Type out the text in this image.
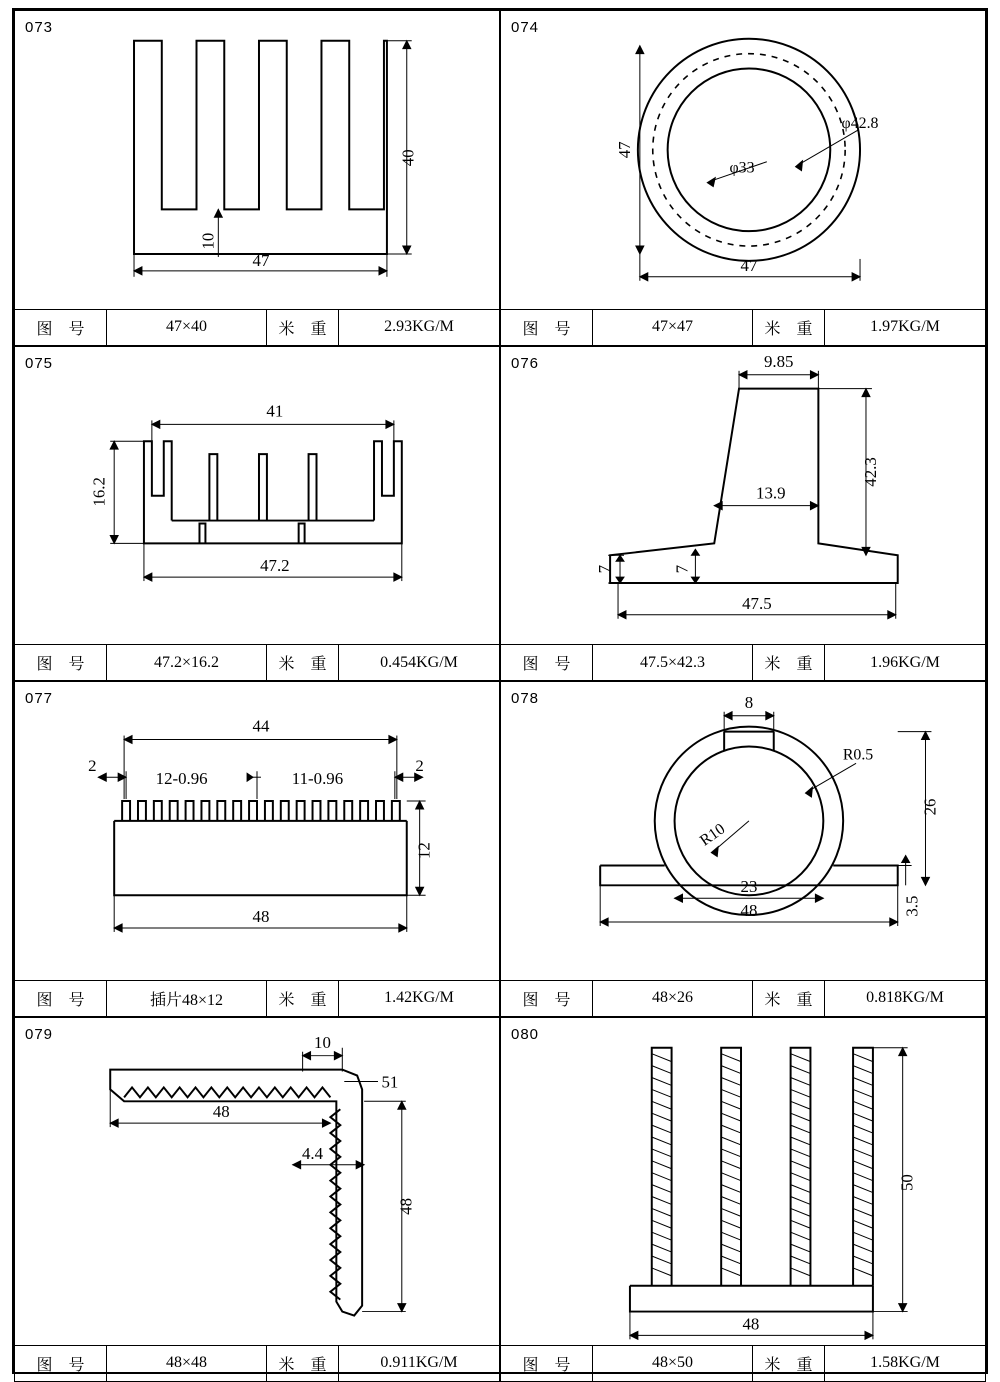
073
40
10
47
图 号	47×40	米 重	2.93KG/M
074
47
47
φ33
φ42.8
图 号	47×47	米 重	1.97KG/M
075
41
16.2
47.2
图 号	47.2×16.2	米 重	0.454KG/M
076	9.85
42.3
13.9
7	7
47.5
图 号	47.5×42.3	米 重	1.96KG/M
077
44
2	2
12-0.96	11-0.96
12
48
图 号	插片48×12	米 重	1.42KG/M
078	8
R0.5
R10
23
48
26
3.5
图 号	48×26	米 重	0.818KG/M
079	10
51
48
4.4
48
图 号	48×48	米 重	0.911KG/M
080
50
48
图 号	48×50	米 重	1.58KG/M
